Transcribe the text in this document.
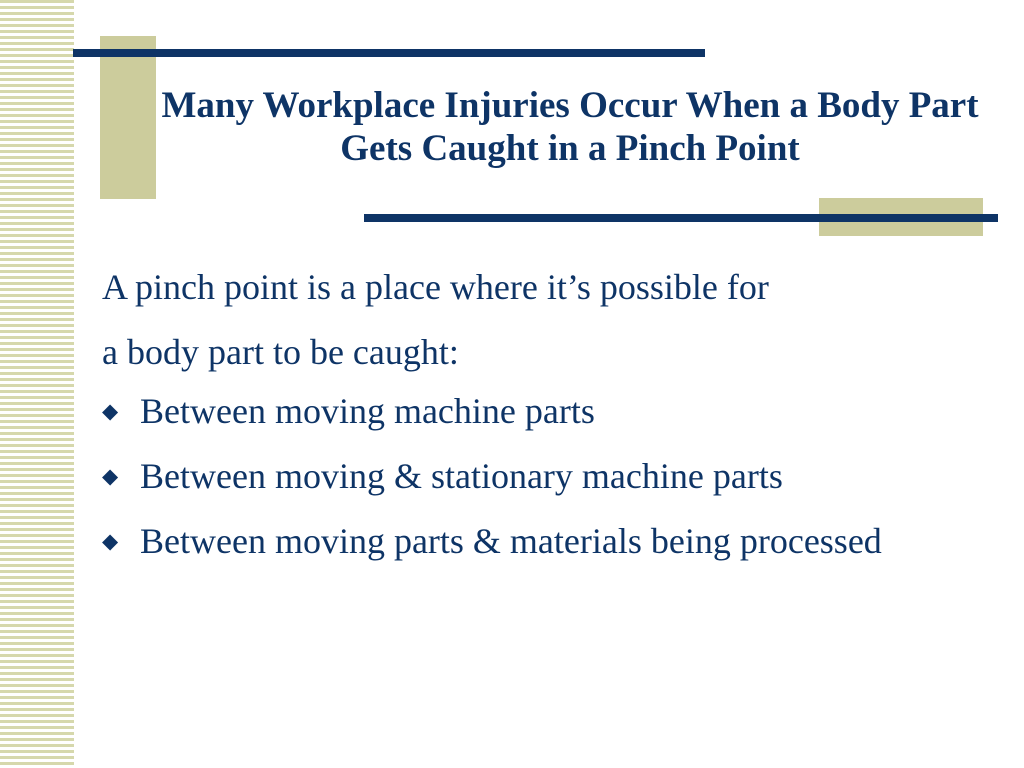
Many Workplace Injuries Occur When a Body Part Gets Caught in a Pinch Point

A pinch point is a place where it’s possible for

a body part to be caught:

◆ Between moving machine parts
◆ Between moving & stationary machine parts
◆ Between moving parts & materials being processed
